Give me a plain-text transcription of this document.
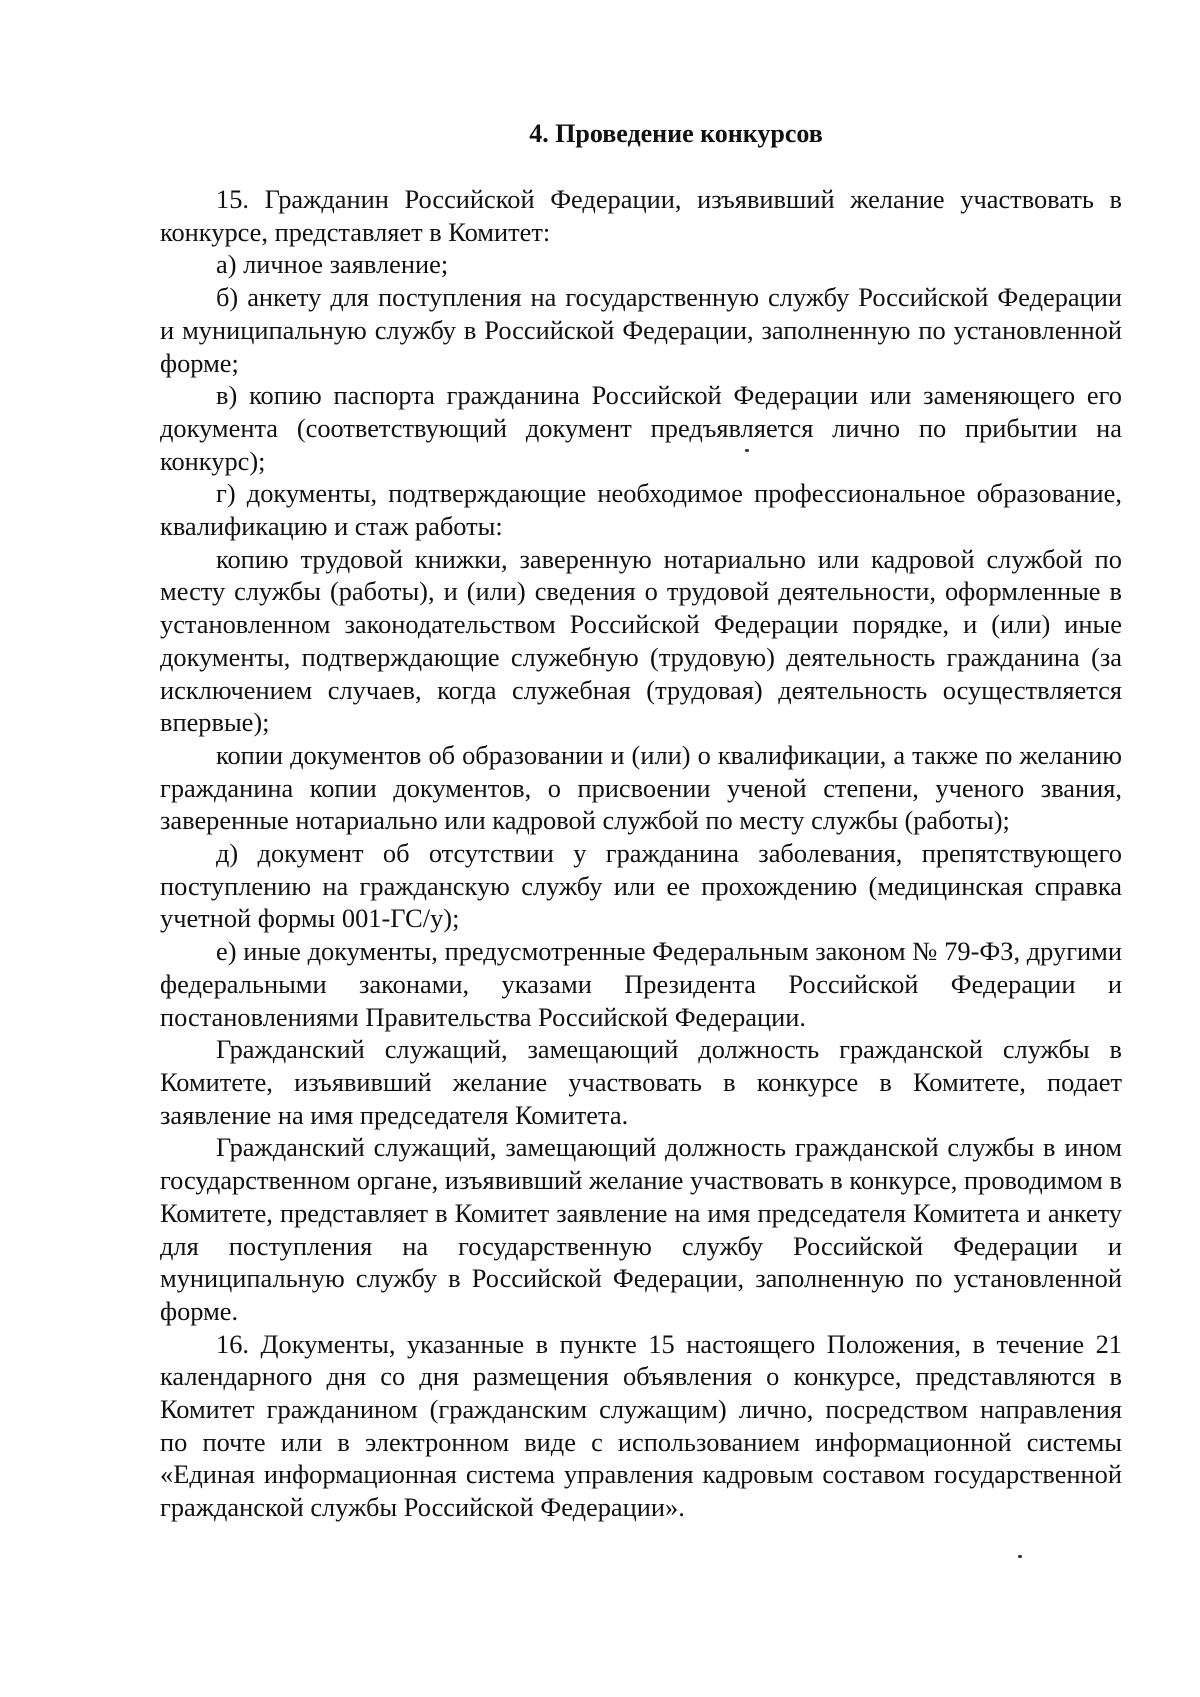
4. Проведение конкурсов

15. Гражданин Российской Федерации, изъявивший желание участвовать в конкурсе, представляет в Комитет:

а) личное заявление;

б) анкету для поступления на государственную службу Российской Федерации и муниципальную службу в Российской Федерации, заполненную по установленной форме;

в) копию паспорта гражданина Российской Федерации или заменяющего его документа (соответствующий документ предъявляется лично по прибытии на конкурс);

г) документы, подтверждающие необходимое профессиональное образование, квалификацию и стаж работы:

копию трудовой книжки, заверенную нотариально или кадровой службой по месту службы (работы), и (или) сведения о трудовой деятельности, оформленные в установленном законодательством Российской Федерации порядке, и (или) иные документы, подтверждающие служебную (трудовую) деятельность гражданина (за исключением случаев, когда служебная (трудовая) деятельность осуществляется впервые);

копии документов об образовании и (или) о квалификации, а также по желанию гражданина копии документов, о присвоении ученой степени, ученого звания, заверенные нотариально или кадровой службой по месту службы (работы);

д) документ об отсутствии у гражданина заболевания, препятствующего поступлению на гражданскую службу или ее прохождению (медицинская справка учетной формы 001-ГС/у);

е) иные документы, предусмотренные Федеральным законом № 79-ФЗ, другими федеральными законами, указами Президента Российской Федерации и постановлениями Правительства Российской Федерации.

Гражданский служащий, замещающий должность гражданской службы в Комитете, изъявивший желание участвовать в конкурсе в Комитете, подает заявление на имя председателя Комитета.

Гражданский служащий, замещающий должность гражданской службы в ином государственном органе, изъявивший желание участвовать в конкурсе, проводимом в Комитете, представляет в Комитет заявление на имя председателя Комитета и анкету для поступления на государственную службу Российской Федерации и муниципальную службу в Российской Федерации, заполненную по установленной форме.

16. Документы, указанные в пункте 15 настоящего Положения, в течение 21 календарного дня со дня размещения объявления о конкурсе, представляются в Комитет гражданином (гражданским служащим) лично, посредством направления по почте или в электронном виде с использованием информационной системы «Единая информационная система управления кадровым составом государственной гражданской службы Российской Федерации».
